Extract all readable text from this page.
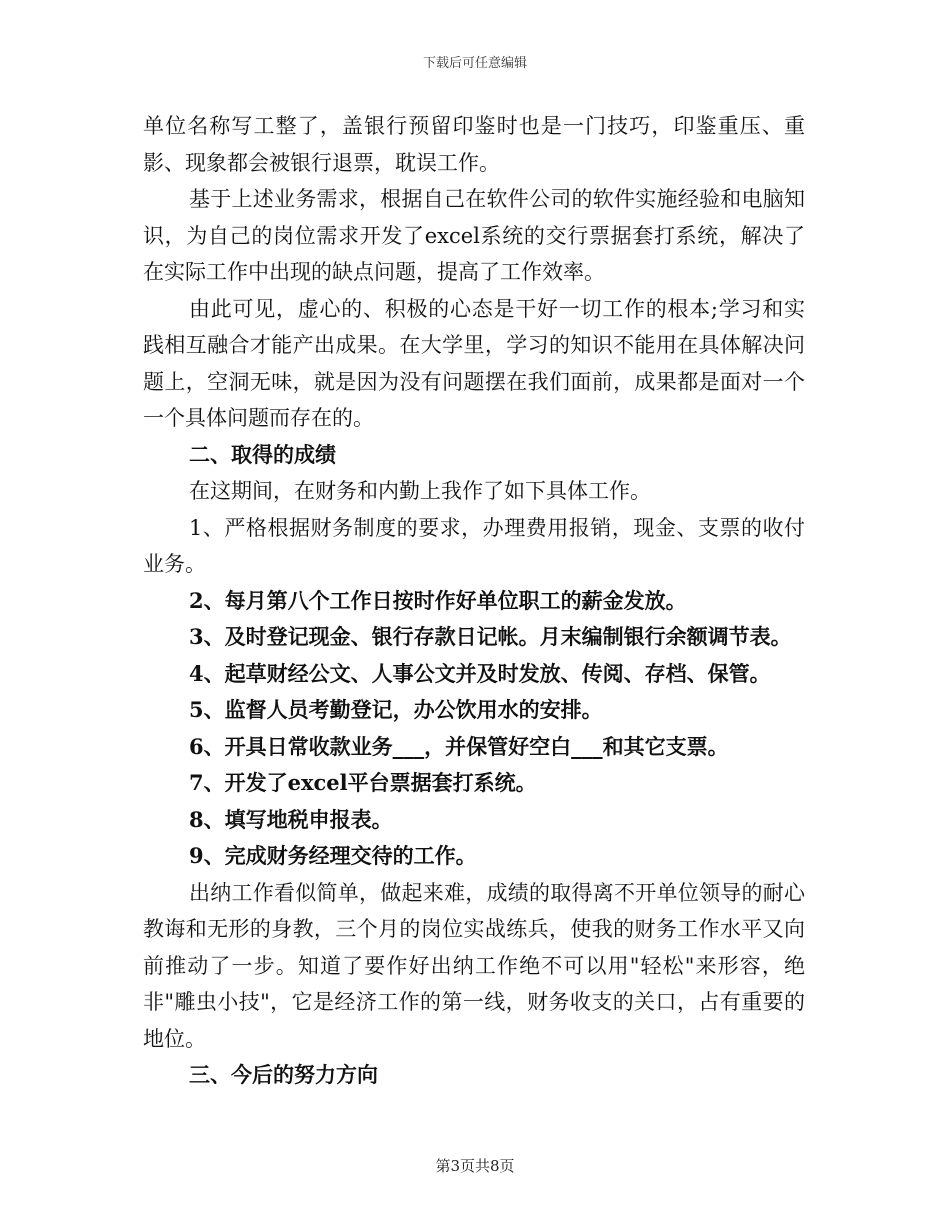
下载后可任意编辑

单位名称写工整了，盖银行预留印鉴时也是一门技巧，印鉴重压、重影、现象都会被银行退票，耽误工作。

基于上述业务需求，根据自己在软件公司的软件实施经验和电脑知识，为自己的岗位需求开发了excel系统的交行票据套打系统，解决了在实际工作中出现的缺点问题，提高了工作效率。

由此可见，虚心的、积极的心态是干好一切工作的根本;学习和实践相互融合才能产出成果。在大学里，学习的知识不能用在具体解决问题上，空洞无味，就是因为没有问题摆在我们面前，成果都是面对一个一个具体问题而存在的。

二、取得的成绩

在这期间，在财务和内勤上我作了如下具体工作。

1、严格根据财务制度的要求，办理费用报销，现金、支票的收付业务。

2、每月第八个工作日按时作好单位职工的薪金发放。

3、及时登记现金、银行存款日记帐。月末编制银行余额调节表。

4、起草财经公文、人事公文并及时发放、传阅、存档、保管。

5、监督人员考勤登记，办公饮用水的安排。

6、开具日常收款业务___，并保管好空白___和其它支票。

7、开发了excel平台票据套打系统。

8、填写地税申报表。

9、完成财务经理交待的工作。

出纳工作看似简单，做起来难，成绩的取得离不开单位领导的耐心教诲和无形的身教，三个月的岗位实战练兵，使我的财务工作水平又向前推动了一步。知道了要作好出纳工作绝不可以用"轻松"来形容，绝非"雕虫小技"，它是经济工作的第一线，财务收支的关口，占有重要的地位。

三、今后的努力方向

第3页共8页
